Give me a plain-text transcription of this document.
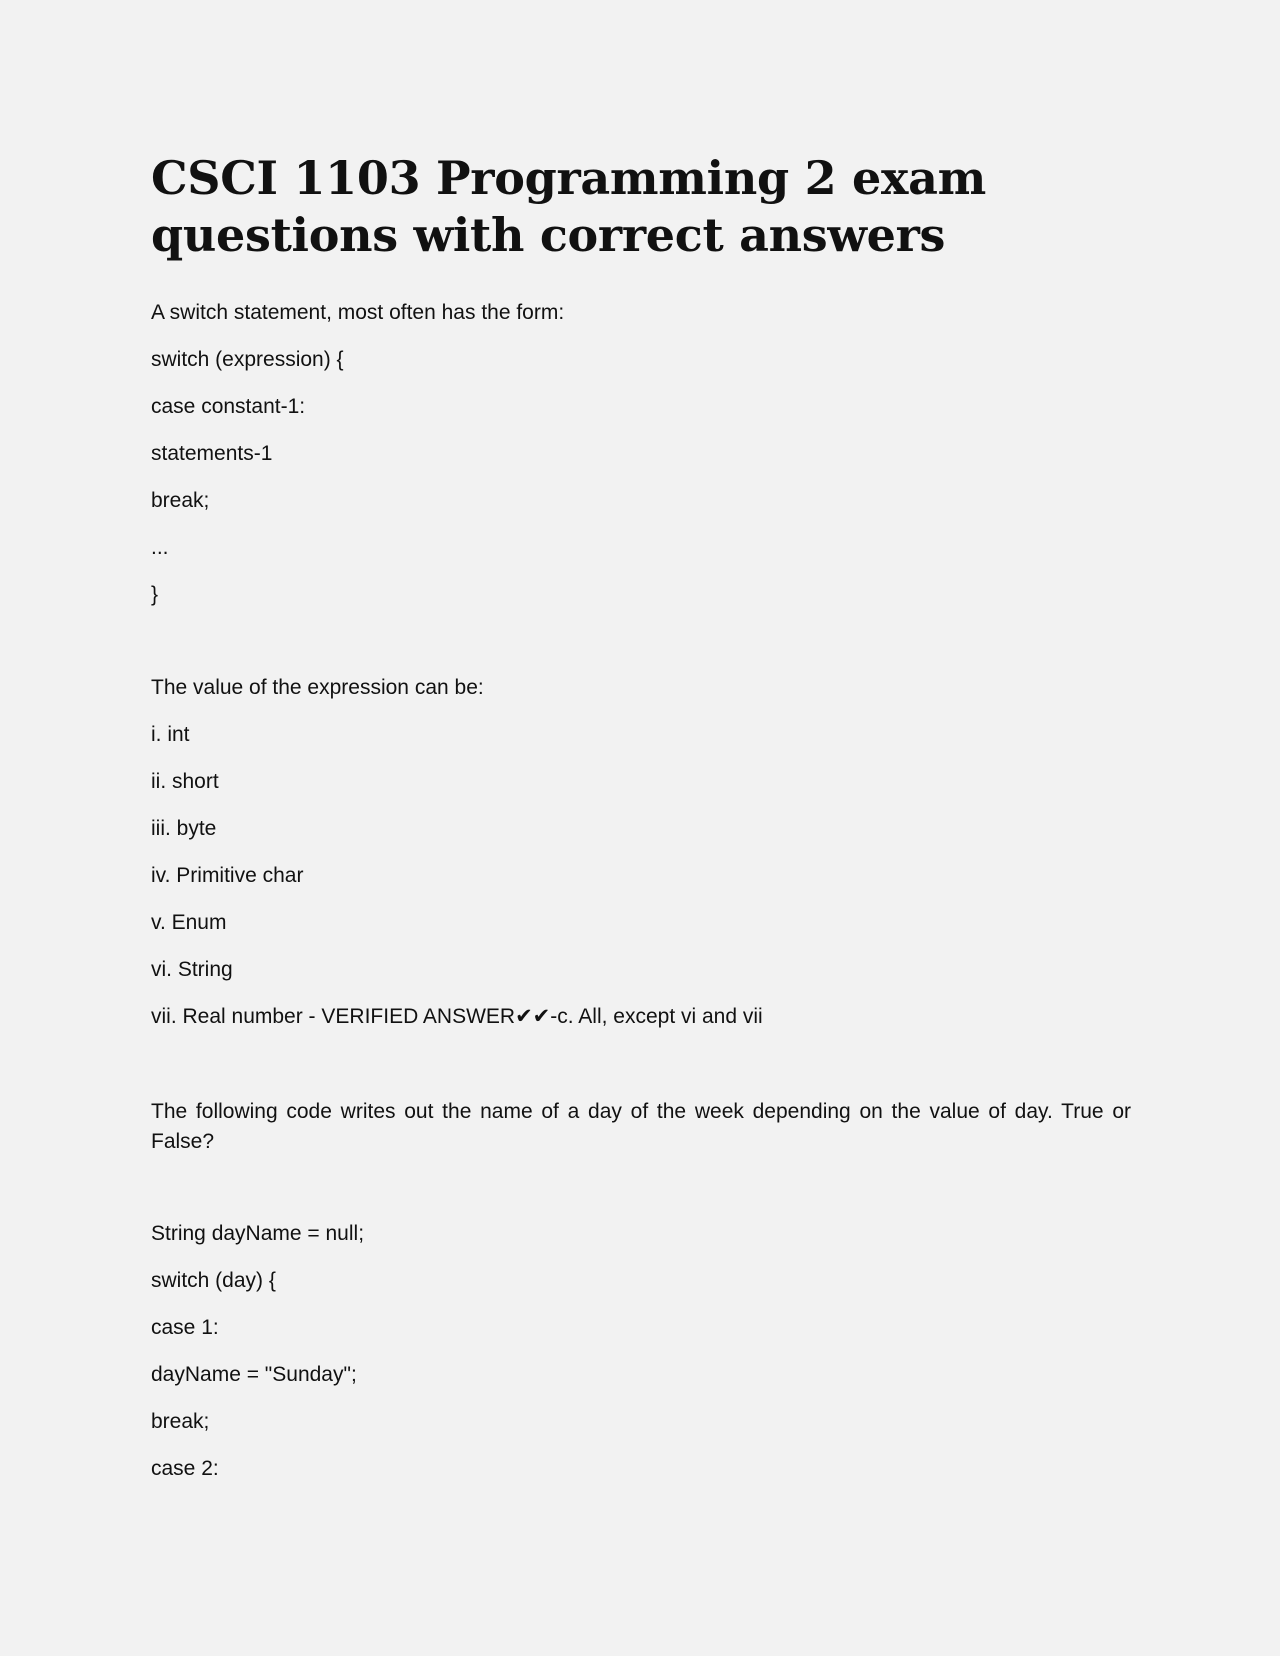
CSCI 1103 Programming 2 exam questions with correct answers

A switch statement, most often has the form:

switch (expression) {

case constant-1:

statements-1

break;

...

}

The value of the expression can be:

i. int

ii. short

iii. byte

iv. Primitive char

v. Enum

vi. String

vii. Real number - VERIFIED ANSWER✔✔-c. All, except vi and vii

The following code writes out the name of a day of the week depending on the value of day. True or False?

String dayName = null;

switch (day) {

case 1:

dayName = "Sunday";

break;

case 2:
